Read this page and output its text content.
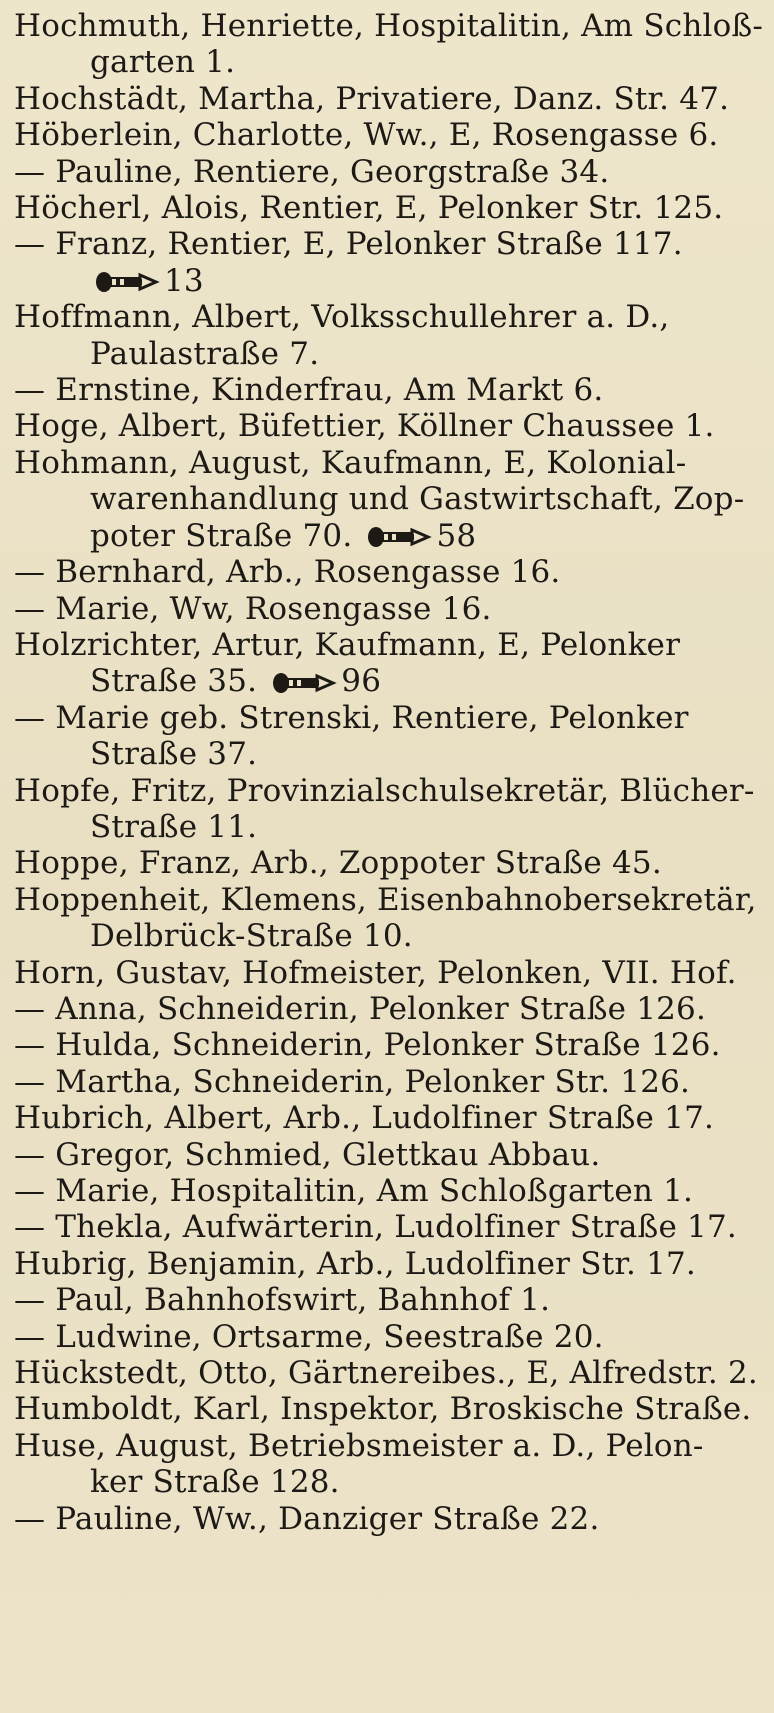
Hochmuth, Henriette, Hospitalitin, Am Schloß-
garten 1.
Hochstädt, Martha, Privatiere, Danz. Str. 47.
Höberlein, Charlotte, Ww., E, Rosengasse 6.
— Pauline, Rentiere, Georgstraße 34.
Höcherl, Alois, Rentier, E, Pelonker Str. 125.
— Franz, Rentier, E, Pelonker Straße 117.
13
Hoffmann, Albert, Volksschullehrer a. D.,
Paulastraße 7.
— Ernstine, Kinderfrau, Am Markt 6.
Hoge, Albert, Büfettier, Köllner Chaussee 1.
Hohmann, August, Kaufmann, E, Kolonial-
warenhandlung und Gastwirtschaft, Zop-
poter Straße 70.	58
— Bernhard, Arb., Rosengasse 16.
— Marie, Ww, Rosengasse 16.
Holzrichter, Artur, Kaufmann, E, Pelonker
Straße 35.	96
— Marie geb. Strenski, Rentiere, Pelonker
Straße 37.
Hopfe, Fritz, Provinzialschulsekretär, Blücher-
Straße 11.
Hoppe, Franz, Arb., Zoppoter Straße 45.
Hoppenheit, Klemens, Eisenbahnobersekretär,
Delbrück-Straße 10.
Horn, Gustav, Hofmeister, Pelonken, VII. Hof.
— Anna, Schneiderin, Pelonker Straße 126.
— Hulda, Schneiderin, Pelonker Straße 126.
— Martha, Schneiderin, Pelonker Str. 126.
Hubrich, Albert, Arb., Ludolfiner Straße 17.
— Gregor, Schmied, Glettkau Abbau.
— Marie, Hospitalitin, Am Schloßgarten 1.
— Thekla, Aufwärterin, Ludolfiner Straße 17.
Hubrig, Benjamin, Arb., Ludolfiner Str. 17.
— Paul, Bahnhofswirt, Bahnhof 1.
— Ludwine, Ortsarme, Seestraße 20.
Hückstedt, Otto, Gärtnereibes., E, Alfredstr. 2.
Humboldt, Karl, Inspektor, Broskische Straße.
Huse, August, Betriebsmeister a. D., Pelon-
ker Straße 128.
— Pauline, Ww., Danziger Straße 22.
